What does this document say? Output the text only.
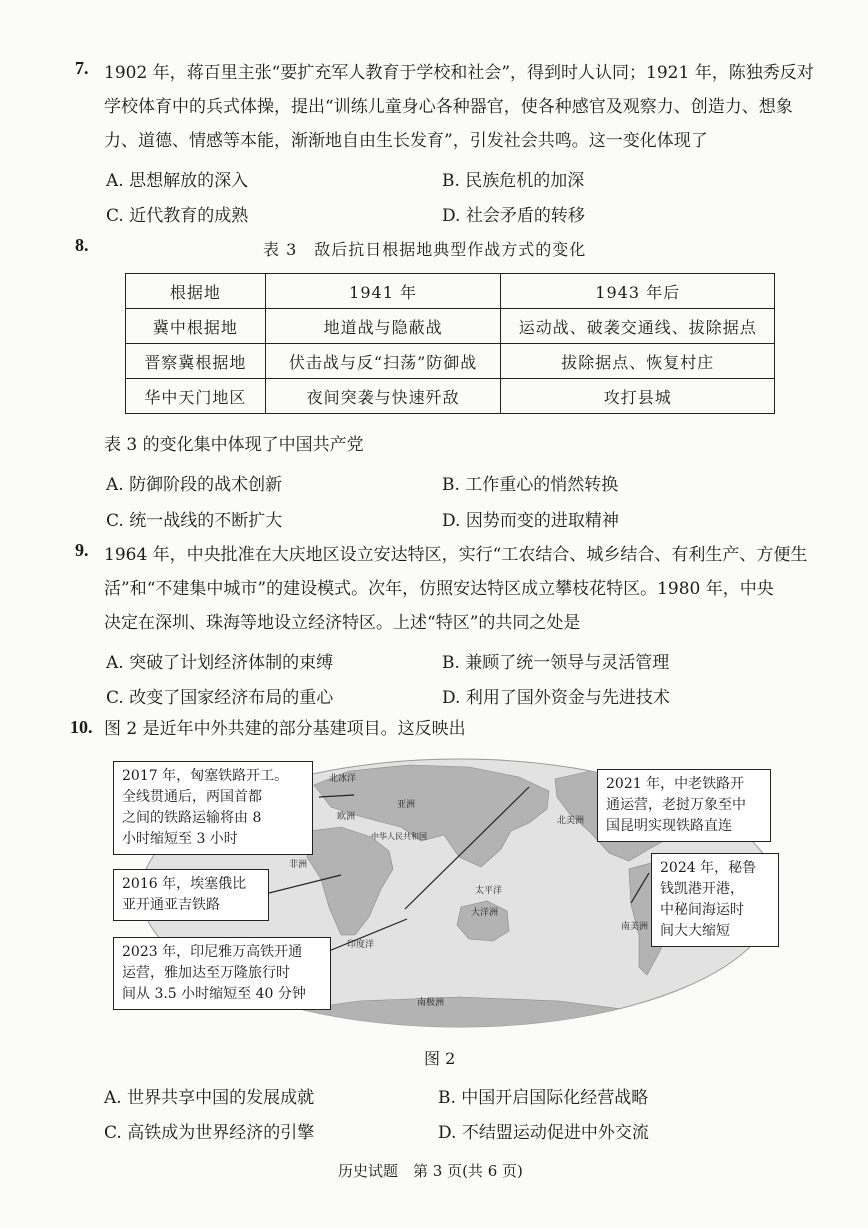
7. 1902 年，蒋百里主张“要扩充军人教育于学校和社会”，得到时人认同；1921 年，陈独秀反对
学校体育中的兵式体操，提出“训练儿童身心各种器官，使各种感官及观察力、创造力、想象
力、道德、情感等本能，渐渐地自由生长发育”，引发社会共鸣。这一变化体现了
A. 思想解放的深入	B. 民族危机的加深
C. 近代教育的成熟	D. 社会矛盾的转移
8.	表 3　敌后抗日根据地典型作战方式的变化
根据地	1941 年	1943 年后
冀中根据地	地道战与隐蔽战	运动战、破袭交通线、拔除据点
晋察冀根据地	伏击战与反“扫荡”防御战	拔除据点、恢复村庄
华中天门地区	夜间突袭与快速歼敌	攻打县城
表 3 的变化集中体现了中国共产党
A. 防御阶段的战术创新	B. 工作重心的悄然转换
C. 统一战线的不断扩大	D. 因势而变的进取精神
9. 1964 年，中央批准在大庆地区设立安达特区，实行“工农结合、城乡结合、有利生产、方便生
活”和“不建集中城市”的建设模式。次年，仿照安达特区成立攀枝花特区。1980 年，中央
决定在深圳、珠海等地设立经济特区。上述“特区”的共同之处是
A. 突破了计划经济体制的束缚	B. 兼顾了统一领导与灵活管理
C. 改变了国家经济布局的重心	D. 利用了国外资金与先进技术
10. 图 2 是近年中外共建的部分基建项目。这反映出
北冰洋
欧洲
亚洲
中华人民共和国
非洲
北美洲
太平洋
大洋洲
印度洋
南美洲
南极洲
2017 年，匈塞铁路开工。
全线贯通后，两国首都
之间的铁路运输将由 8
小时缩短至 3 小时
2016 年，埃塞俄比
亚开通亚吉铁路
2023 年，印尼雅万高铁开通
运营，雅加达至万隆旅行时
间从 3.5 小时缩短至 40 分钟
2021 年，中老铁路开
通运营，老挝万象至中
国昆明实现铁路直连
2024 年，秘鲁
钱凯港开港，
中秘间海运时
间大大缩短
图 2
A. 世界共享中国的发展成就	B. 中国开启国际化经营战略
C. 高铁成为世界经济的引擎	D. 不结盟运动促进中外交流
历史试题　第 3 页(共 6 页)
